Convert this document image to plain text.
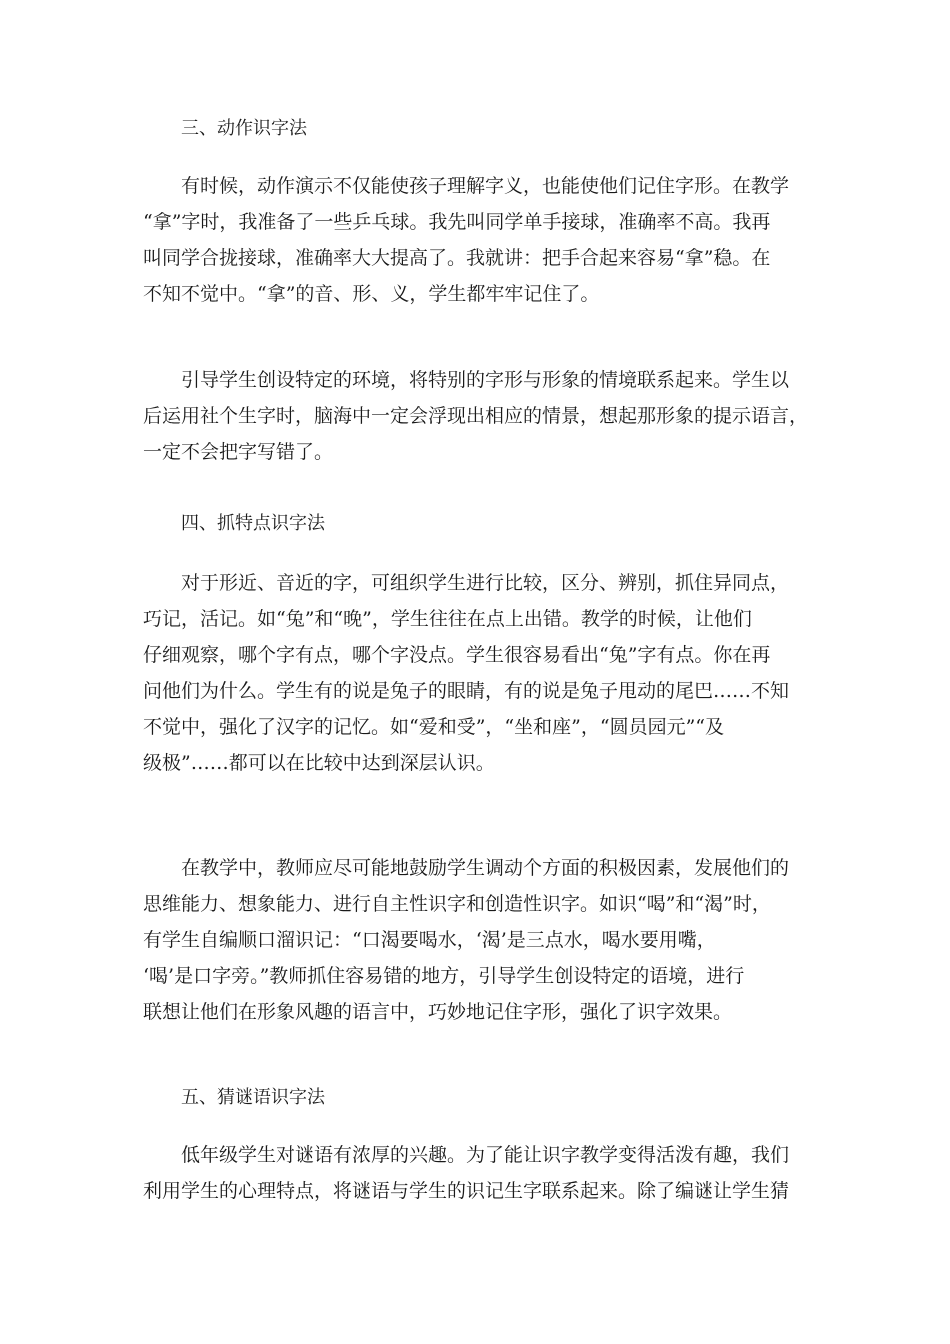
三、动作识字法
有时候，动作演示不仅能使孩子理解字义，也能使他们记住字形。在教学
“拿”字时，我准备了一些乒乓球。我先叫同学单手接球，准确率不高。我再
叫同学合拢接球，准确率大大提高了。我就讲：把手合起来容易“拿”稳。在
不知不觉中。“拿”的音、形、义，学生都牢牢记住了。
引导学生创设特定的环境，将特别的字形与形象的情境联系起来。学生以
后运用社个生字时，脑海中一定会浮现出相应的情景，想起那形象的提示语言，
一定不会把字写错了。
四、抓特点识字法
对于形近、音近的字，可组织学生进行比较，区分、辨别，抓住异同点，
巧记，活记。如“兔”和“晚”，学生往往在点上出错。教学的时候，让他们
仔细观察，哪个字有点，哪个字没点。学生很容易看出“兔”字有点。你在再
问他们为什么。学生有的说是兔子的眼睛，有的说是兔子甩动的尾巴……不知
不觉中，强化了汉字的记忆。如“爱和受”，“坐和座”，“圆员园元”“及
级极”……都可以在比较中达到深层认识。
在教学中，教师应尽可能地鼓励学生调动个方面的积极因素，发展他们的
思维能力、想象能力、进行自主性识字和创造性识字。如识“喝”和“渴”时，
有学生自编顺口溜识记：“口渴要喝水，‘渴’是三点水，喝水要用嘴，
‘喝’是口字旁。”教师抓住容易错的地方，引导学生创设特定的语境，进行
联想让他们在形象风趣的语言中，巧妙地记住字形，强化了识字效果。
五、猜谜语识字法
低年级学生对谜语有浓厚的兴趣。为了能让识字教学变得活泼有趣，我们
利用学生的心理特点，将谜语与学生的识记生字联系起来。除了编谜让学生猜
